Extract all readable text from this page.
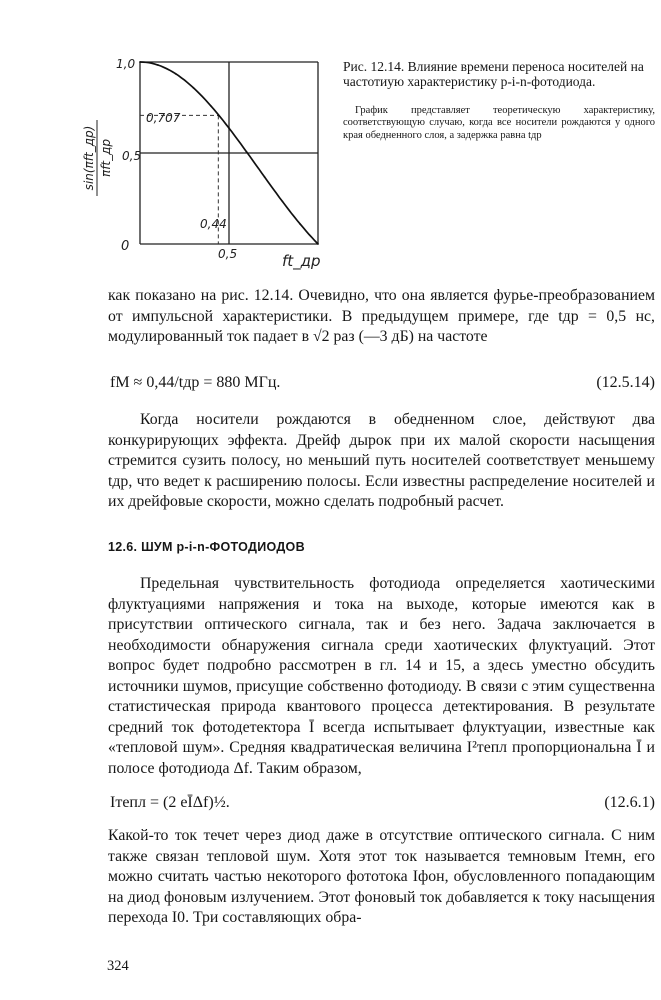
1,0
0,5
0,707
0	0,5
0,44
ft_др
sin(πft_др) πft_др
Рис. 12.14. Влияние времени переноса носителей на частотиую характеристику p-i-n-фотодиода.
График представляет теоретическую характеристику, соответствующую случаю, когда все носители рождаются у одного края обедненного слоя, а задержка равна tдр

как показано на рис. 12.14. Очевидно, что она является фурье-преобразованием от импульсной характеристики. В предыдущем примере, где tдр = 0,5 нс, модулированный ток падает в √2 раз (—3 дБ) на частоте

fM ≈ 0,44/tдр = 880 МГц.	(12.5.14)

Когда носители рождаются в обедненном слое, действуют два конкурирующих эффекта. Дрейф дырок при их малой скорости насыщения стремится сузить полосу, но меньший путь носителей соответствует меньшему tдр, что ведет к расширению полосы. Если известны распределение носителей и их дрейфовые скорости, можно сделать подробный расчет.

12.6. ШУМ p-i-n-ФОТОДИОДОВ

Предельная чувствительность фотодиода определяется хаотическими флуктуациями напряжения и тока на выходе, которые имеются как в присутствии оптического сигнала, так и без него. Задача заключается в необходимости обнаружения сигнала среди хаотических флуктуаций. Этот вопрос будет подробно рассмотрен в гл. 14 и 15, а здесь уместно обсудить источники шумов, присущие собственно фотодиоду. В связи с этим существенна статистическая природа квантового процесса детектирования. В результате средний ток фотодетектора Ī всегда испытывает флуктуации, известные как «тепловой шум». Средняя квадратическая величина I²тепл пропорциональна Ī и полосе фотодиода Δf. Таким образом,

Iтепл = (2 eĪΔf)½.	(12.6.1)

Какой-то ток течет через диод даже в отсутствие оптического сигнала. С ним также связан тепловой шум. Хотя этот ток называется темновым Iтемн, его можно считать частью некоторого фототока Iфон, обусловленного попадающим на диод фоновым излучением. Этот фоновый ток добавляется к току насыщения перехода I0. Три составляющих обра-

324
